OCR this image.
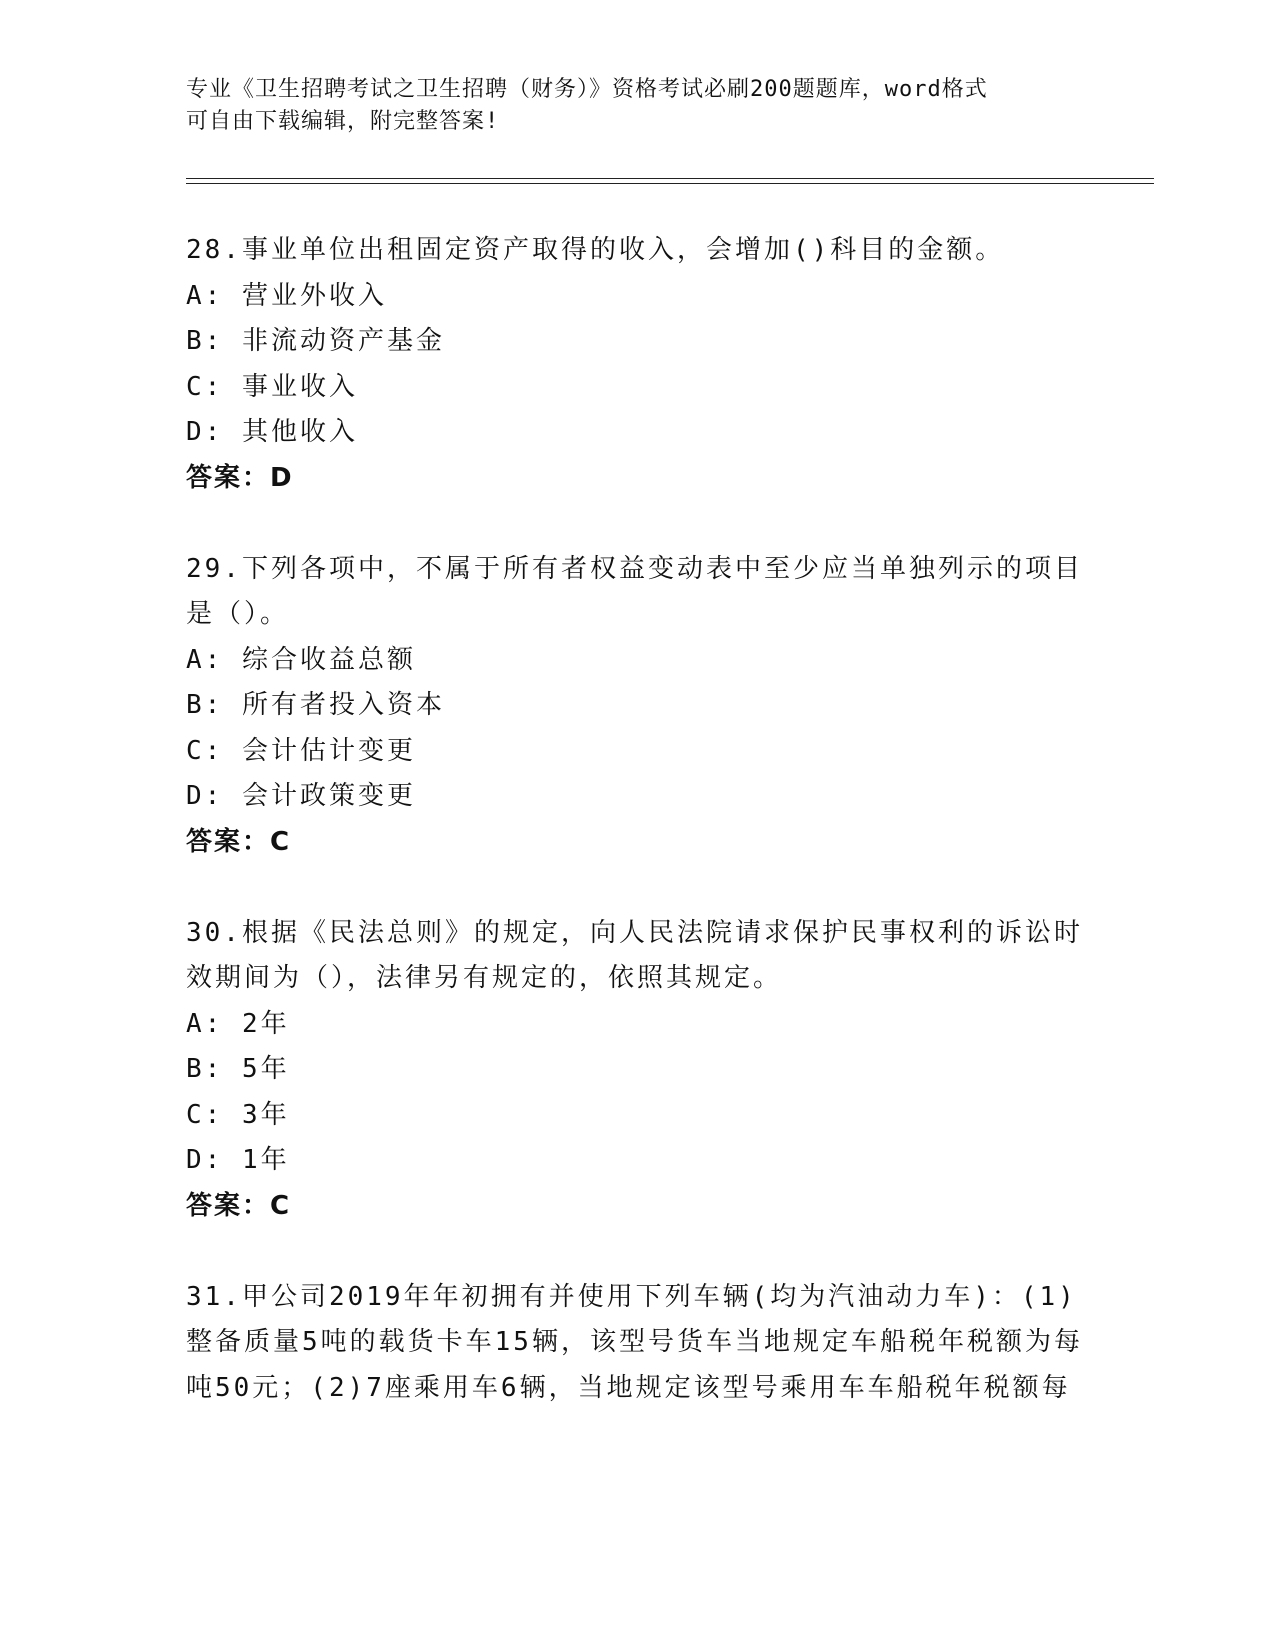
专业《卫生招聘考试之卫生招聘（财务）》资格考试必刷200题题库，word格式
可自由下载编辑，附完整答案!
28.事业单位出租固定资产取得的收入，会增加()科目的金额。
A: 营业外收入
B: 非流动资产基金
C: 事业收入
D: 其他收入
答案：D
29.下列各项中，不属于所有者权益变动表中至少应当单独列示的项目是（）。
A: 综合收益总额
B: 所有者投入资本
C: 会计估计变更
D: 会计政策变更
答案：C
30.根据《民法总则》的规定，向人民法院请求保护民事权利的诉讼时效期间为（），法律另有规定的，依照其规定。
A: 2年
B: 5年
C: 3年
D: 1年
答案：C
31.甲公司2019年年初拥有并使用下列车辆(均为汽油动力车)：(1)整备质量5吨的载货卡车15辆，该型号货车当地规定车船税年税额为每吨50元；(2)7座乘用车6辆，当地规定该型号乘用车车船税年税额每
